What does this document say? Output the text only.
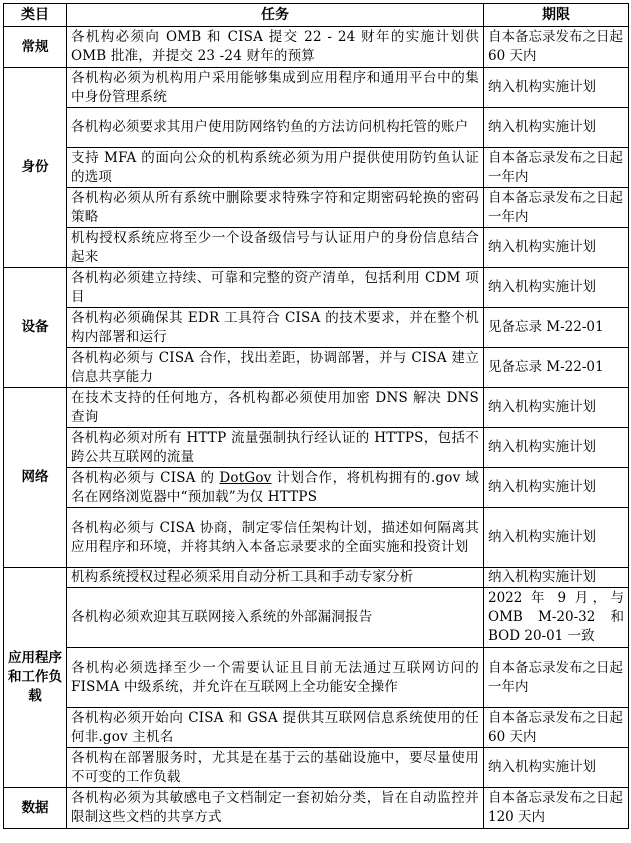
类目	任务	期限
常规	各机构必须向 OMB 和 CISA 提交 22 - 24 财年的实施计划供 OMB 批准，并提交 23 -24 财年的预算	自本备忘录发布之日起 60 天内
身份	各机构必须为机构用户采用能够集成到应用程序和通用平台中的集中身份管理系统	纳入机构实施计划
	各机构必须要求其用户使用防网络钓鱼的方法访问机构托管的账户	纳入机构实施计划
	支持 MFA 的面向公众的机构系统必须为用户提供使用防钓鱼认证的选项	自本备忘录发布之日起一年内
	各机构必须从所有系统中删除要求特殊字符和定期密码轮换的密码策略	自本备忘录发布之日起一年内
	机构授权系统应将至少一个设备级信号与认证用户的身份信息结合起来	纳入机构实施计划
设备	各机构必须建立持续、可靠和完整的资产清单，包括利用 CDM 项目	纳入机构实施计划
	各机构必须确保其 EDR 工具符合 CISA 的技术要求，并在整个机构内部署和运行	见备忘录 M-22-01
	各机构必须与 CISA 合作，找出差距，协调部署，并与 CISA 建立信息共享能力	见备忘录 M-22-01
网络	在技术支持的任何地方，各机构都必须使用加密 DNS 解决 DNS 查询	纳入机构实施计划
	各机构必须对所有 HTTP 流量强制执行经认证的 HTTPS，包括不跨公共互联网的流量	纳入机构实施计划
	各机构必须与 CISA 的 DotGov 计划合作，将机构拥有的.gov 域名在网络浏览器中“预加载”为仅 HTTPS	纳入机构实施计划
	各机构必须与 CISA 协商，制定零信任架构计划，描述如何隔离其应用程序和环境，并将其纳入本备忘录要求的全面实施和投资计划	纳入机构实施计划
应用程序和工作负载	机构系统授权过程必须采用自动分析工具和手动专家分析	纳入机构实施计划
	各机构必须欢迎其互联网接入系统的外部漏洞报告	2022 年 9 月，与 OMB M-20-32 和 BOD 20-01 一致
	各机构必须选择至少一个需要认证且目前无法通过互联网访问的 FISMA 中级系统，并允许在互联网上全功能安全操作	自本备忘录发布之日起一年内
	各机构必须开始向 CISA 和 GSA 提供其互联网信息系统使用的任何非.gov 主机名	自本备忘录发布之日起 60 天内
	各机构在部署服务时，尤其是在基于云的基础设施中，要尽量使用不可变的工作负载	纳入机构实施计划
数据	各机构必须为其敏感电子文档制定一套初始分类，旨在自动监控并限制这些文档的共享方式	自本备忘录发布之日起 120 天内
